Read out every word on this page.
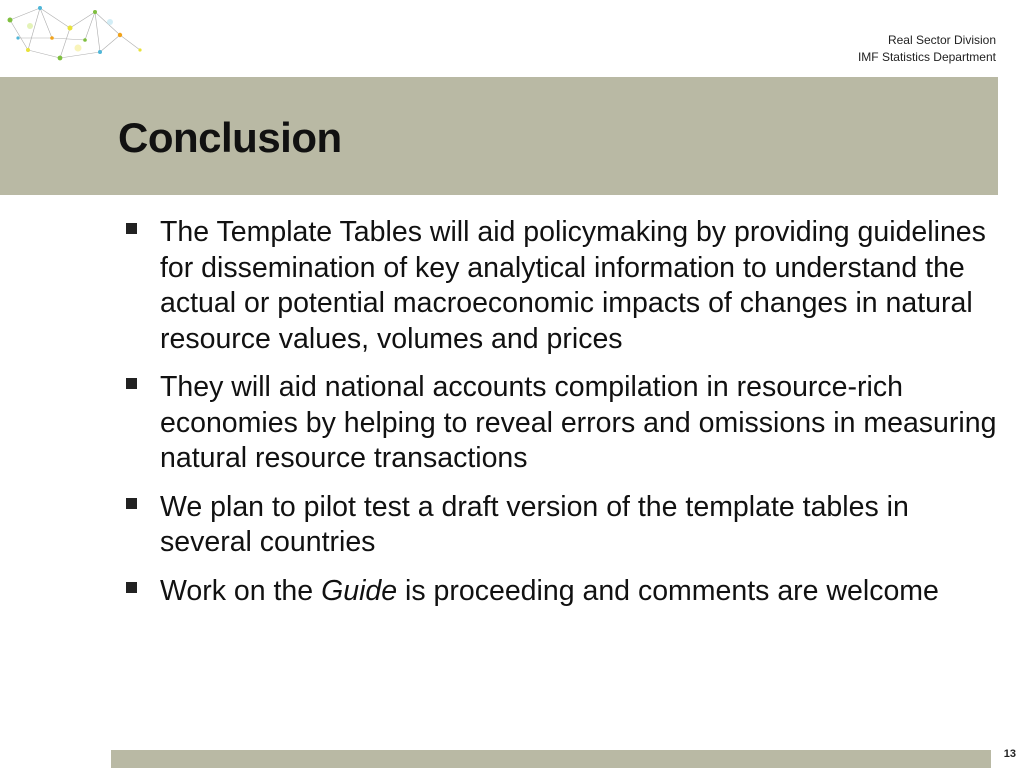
Real Sector Division
IMF Statistics Department
Conclusion
The Template Tables will aid policymaking by providing guidelines for dissemination of key analytical information to understand the actual or potential macroeconomic impacts of changes in natural resource values, volumes and prices
They will aid national accounts compilation in resource-rich economies by helping to reveal errors and omissions in measuring natural resource transactions
We plan to pilot test a draft version of the template tables in several countries
Work on the Guide is proceeding and comments are welcome
13
